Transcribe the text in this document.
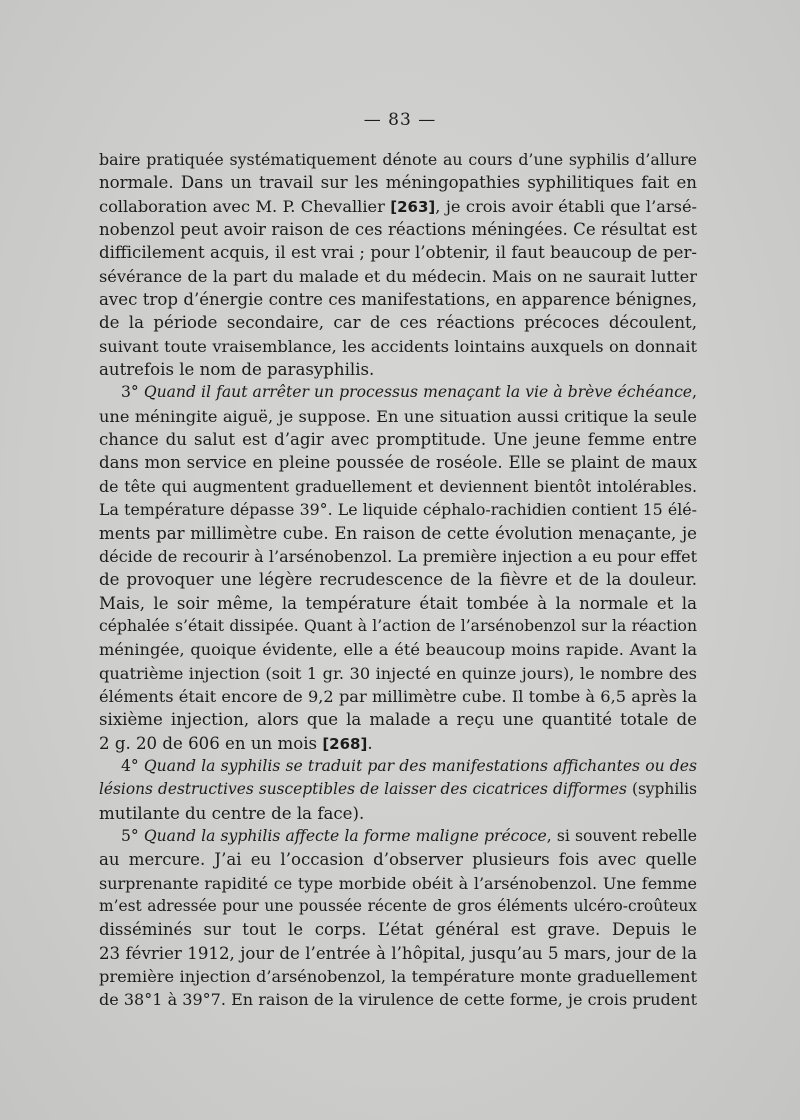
— 83 —
baire pratiquée systématiquement dénote au cours d’une syphilis d’allure
normale. Dans un travail sur les méningopathies syphilitiques fait en
collaboration avec M. P. Chevallier [263], je crois avoir établi que l’arsé-
nobenzol peut avoir raison de ces réactions méningées. Ce résultat est
difficilement acquis, il est vrai ; pour l’obtenir, il faut beaucoup de per-
sévérance de la part du malade et du médecin. Mais on ne saurait lutter
avec trop d’énergie contre ces manifestations, en apparence bénignes,
de la période secondaire, car de ces réactions précoces découlent,
suivant toute vraisemblance, les accidents lointains auxquels on donnait
autrefois le nom de parasyphilis.
3° Quand il faut arrêter un processus menaçant la vie à brève échéance,
une méningite aiguë, je suppose. En une situation aussi critique la seule
chance du salut est d’agir avec promptitude. Une jeune femme entre
dans mon service en pleine poussée de roséole. Elle se plaint de maux
de tête qui augmentent graduellement et deviennent bientôt intolérables.
La température dépasse 39°. Le liquide céphalo-rachidien contient 15 élé-
ments par millimètre cube. En raison de cette évolution menaçante, je
décide de recourir à l’arsénobenzol. La première injection a eu pour effet
de provoquer une légère recrudescence de la fièvre et de la douleur.
Mais, le soir même, la température était tombée à la normale et la
céphalée s’était dissipée. Quant à l’action de l’arsénobenzol sur la réaction
méningée, quoique évidente, elle a été beaucoup moins rapide. Avant la
quatrième injection (soit 1 gr. 30 injecté en quinze jours), le nombre des
éléments était encore de 9,2 par millimètre cube. Il tombe à 6,5 après la
sixième injection, alors que la malade a reçu une quantité totale de
2 g. 20 de 606 en un mois [268].
4° Quand la syphilis se traduit par des manifestations affichantes ou des
lésions destructives susceptibles de laisser des cicatrices difformes (syphilis
mutilante du centre de la face).
5° Quand la syphilis affecte la forme maligne précoce, si souvent rebelle
au mercure. J’ai eu l’occasion d’observer plusieurs fois avec quelle
surprenante rapidité ce type morbide obéit à l’arsénobenzol. Une femme
m’est adressée pour une poussée récente de gros éléments ulcéro-croûteux
disséminés sur tout le corps. L’état général est grave. Depuis le
23 février 1912, jour de l’entrée à l’hôpital, jusqu’au 5 mars, jour de la
première injection d’arsénobenzol, la température monte graduellement
de 38°1 à 39°7. En raison de la virulence de cette forme, je crois prudent
